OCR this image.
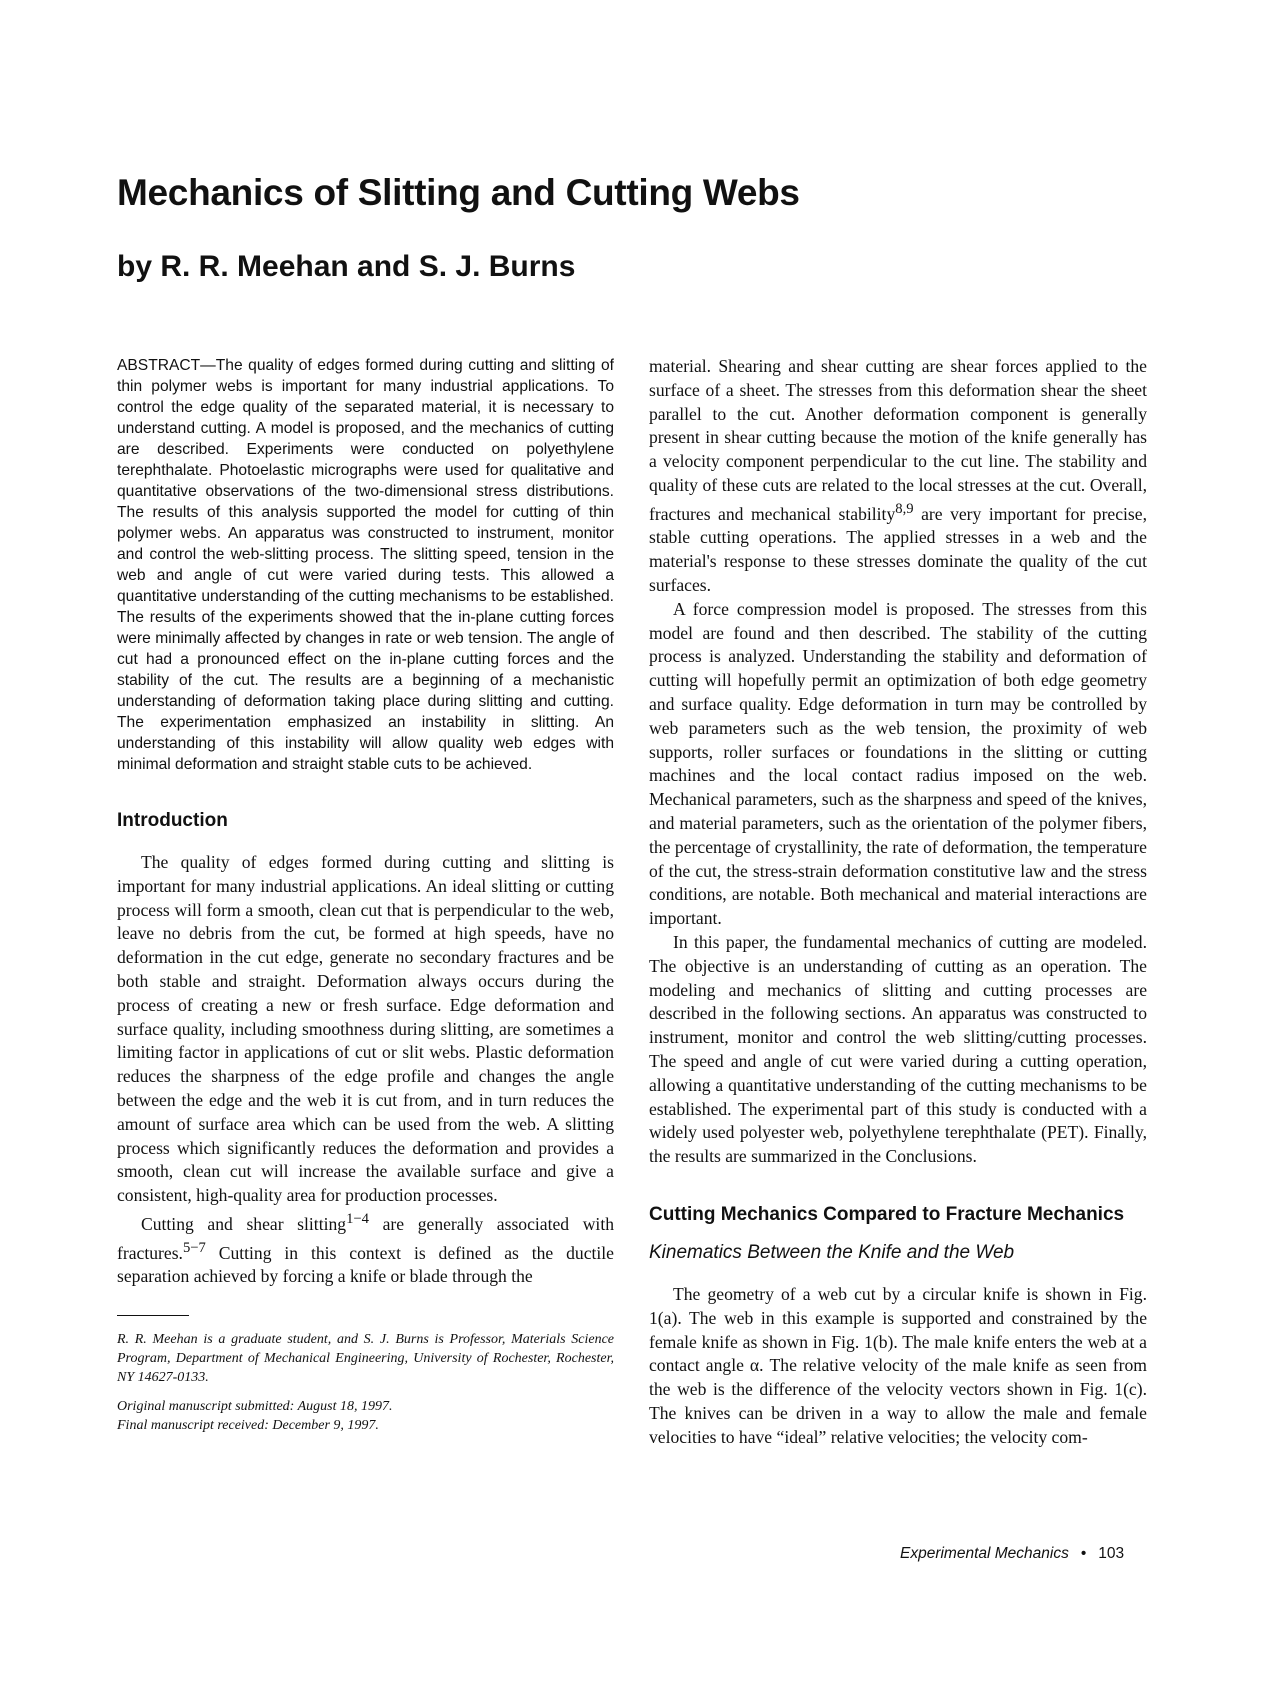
Mechanics of Slitting and Cutting Webs
by R. R. Meehan and S. J. Burns

ABSTRACT—The quality of edges formed during cutting and slitting of thin polymer webs is important for many industrial applications. To control the edge quality of the separated material, it is necessary to understand cutting. A model is proposed, and the mechanics of cutting are described. Experiments were conducted on polyethylene terephthalate. Photoelastic micrographs were used for qualitative and quantitative observations of the two-dimensional stress distributions. The results of this analysis supported the model for cutting of thin polymer webs. An apparatus was constructed to instrument, monitor and control the web-slitting process. The slitting speed, tension in the web and angle of cut were varied during tests. This allowed a quantitative understanding of the cutting mechanisms to be established. The results of the experiments showed that the in-plane cutting forces were minimally affected by changes in rate or web tension. The angle of cut had a pronounced effect on the in-plane cutting forces and the stability of the cut. The results are a beginning of a mechanistic understanding of deformation taking place during slitting and cutting. The experimentation emphasized an instability in slitting. An understanding of this instability will allow quality web edges with minimal deformation and straight stable cuts to be achieved.

Introduction

The quality of edges formed during cutting and slitting is important for many industrial applications. An ideal slitting or cutting process will form a smooth, clean cut that is perpendicular to the web, leave no debris from the cut, be formed at high speeds, have no deformation in the cut edge, generate no secondary fractures and be both stable and straight. Deformation always occurs during the process of creating a new or fresh surface. Edge deformation and surface quality, including smoothness during slitting, are sometimes a limiting factor in applications of cut or slit webs. Plastic deformation reduces the sharpness of the edge profile and changes the angle between the edge and the web it is cut from, and in turn reduces the amount of surface area which can be used from the web. A slitting process which significantly reduces the deformation and provides a smooth, clean cut will increase the available surface and give a consistent, high-quality area for production processes.

Cutting and shear slitting$^{1-4}$ are generally associated with fractures.$^{5-7}$ Cutting in this context is defined as the ductile separation achieved by forcing a knife or blade through the

R. R. Meehan is a graduate student, and S. J. Burns is Professor, Materials Science Program, Department of Mechanical Engineering, University of Rochester, Rochester, NY 14627-0133.

Original manuscript submitted: August 18, 1997.

Final manuscript received: December 9, 1997.

material. Shearing and shear cutting are shear forces applied to the surface of a sheet. The stresses from this deformation shear the sheet parallel to the cut. Another deformation component is generally present in shear cutting because the motion of the knife generally has a velocity component perpendicular to the cut line. The stability and quality of these cuts are related to the local stresses at the cut. Overall, fractures and mechanical stability$^{8,9}$ are very important for precise, stable cutting operations. The applied stresses in a web and the material's response to these stresses dominate the quality of the cut surfaces.

A force compression model is proposed. The stresses from this model are found and then described. The stability of the cutting process is analyzed. Understanding the stability and deformation of cutting will hopefully permit an optimization of both edge geometry and surface quality. Edge deformation in turn may be controlled by web parameters such as the web tension, the proximity of web supports, roller surfaces or foundations in the slitting or cutting machines and the local contact radius imposed on the web. Mechanical parameters, such as the sharpness and speed of the knives, and material parameters, such as the orientation of the polymer fibers, the percentage of crystallinity, the rate of deformation, the temperature of the cut, the stress-strain deformation constitutive law and the stress conditions, are notable. Both mechanical and material interactions are important.

In this paper, the fundamental mechanics of cutting are modeled. The objective is an understanding of cutting as an operation. The modeling and mechanics of slitting and cutting processes are described in the following sections. An apparatus was constructed to instrument, monitor and control the web slitting/cutting processes. The speed and angle of cut were varied during a cutting operation, allowing a quantitative understanding of the cutting mechanisms to be established. The experimental part of this study is conducted with a widely used polyester web, polyethylene terephthalate (PET). Finally, the results are summarized in the Conclusions.

Cutting Mechanics Compared to Fracture Mechanics
Kinematics Between the Knife and the Web

The geometry of a web cut by a circular knife is shown in Fig. 1(a). The web in this example is supported and constrained by the female knife as shown in Fig. 1(b). The male knife enters the web at a contact angle α. The relative velocity of the male knife as seen from the web is the difference of the velocity vectors shown in Fig. 1(c). The knives can be driven in a way to allow the male and female velocities to have “ideal” relative velocities; the velocity com-

Experimental Mechanics • 103
